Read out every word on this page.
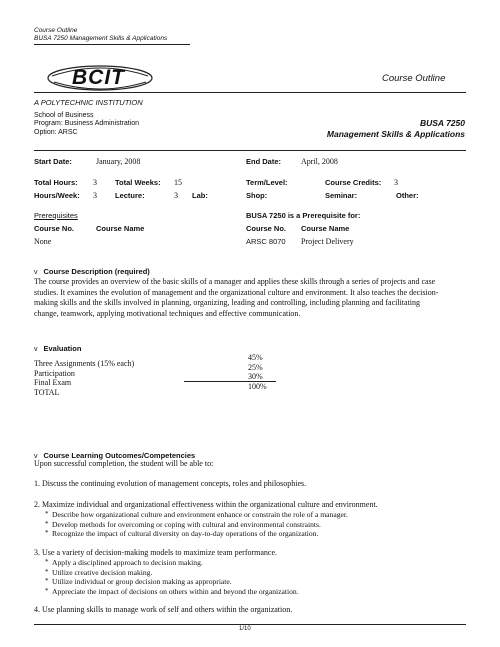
Course Outline
BUSA 7250 Management Skills & Applications
BCIT	Course Outline
A POLYTECHNIC INSTITUTION
School of Business
Program: Business Administration
Option: ARSC
BUSA 7250
Management Skills & Applications
Start Date:	January, 2008	End Date: April, 2008
Total Hours: 3 Total Weeks: 15	Term/Level:	Course Credits: 3
Hours/Week: 3 Lecture:	3 Lab:	Shop:	Seminar:	Other:
Prerequisites
Course No.	Course Name
None
BUSA 7250 is a Prerequisite for:
Course No. Course Name
ARSC 8070 Project Delivery
v Course Description (required)
The course provides an overview of the basic skills of a manager and applies these skills through a series of projects and case studies. It examines the evolution of management and the organizational culture and environment. It also teaches the decision-making skills and the skills involved in planning, organizing, leading and controlling, including planning and facilitating change, teamwork, applying motivational techniques and effective communication.
v Evaluation
Three Assignments (15% each)
45%
Participation
25%
Final Exam
30%
TOTAL
100%
v Course Learning Outcomes/Competencies
Upon successful completion, the student will be able to:
1. Discuss the continuing evolution of management concepts, roles and philosophies.
2. Maximize individual and organizational effectiveness within the organizational culture and environment.
* Describe how organizational culture and environment enhance or constrain the role of a manager.
* Develop methods for overcoming or coping with cultural and environmental constraints.
* Recognize the impact of cultural diversity on day-to-day operations of the organization.
3. Use a variety of decision-making models to maximize team performance.
* Apply a disciplined approach to decision making.
* Utilize creative decision making.
* Utilize individual or group decision making as appropriate.
* Appreciate the impact of decisions on others within and beyond the organization.
4. Use planning skills to manage work of self and others within the organization.
1/10
